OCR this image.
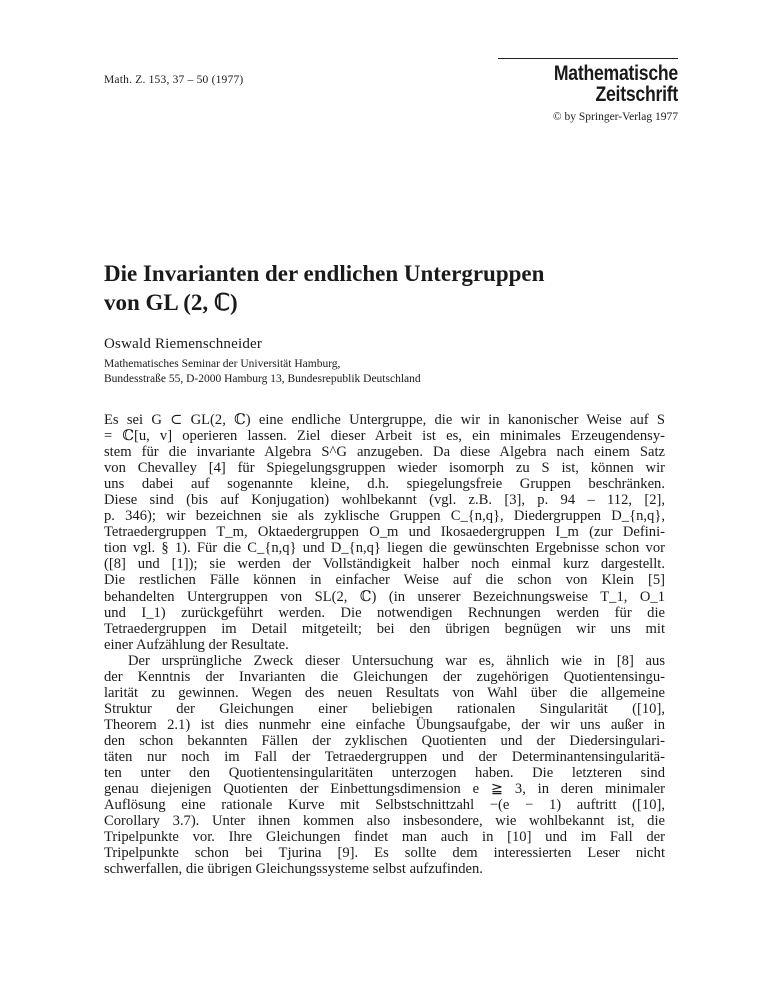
Math. Z. 153, 37 – 50 (1977)	Mathematische
Zeitschrift
© by Springer-Verlag 1977
Die Invarianten der endlichen Untergruppen
von GL (2, ℂ)
Oswald Riemenschneider
Mathematisches Seminar der Universität Hamburg,
Bundesstraße 55, D-2000 Hamburg 13, Bundesrepublik Deutschland
Es sei G ⊂ GL(2, ℂ) eine endliche Untergruppe, die wir in kanonischer Weise auf S
= ℂ[u, v] operieren lassen. Ziel dieser Arbeit ist es, ein minimales Erzeugendensy-
stem für die invariante Algebra S^G anzugeben. Da diese Algebra nach einem Satz
von Chevalley [4] für Spiegelungsgruppen wieder isomorph zu S ist, können wir
uns dabei auf sogenannte kleine, d.h. spiegelungsfreie Gruppen beschränken.
Diese sind (bis auf Konjugation) wohlbekannt (vgl. z.B. [3], p. 94 – 112, [2],
p. 346); wir bezeichnen sie als zyklische Gruppen C_{n,q}, Diedergruppen D_{n,q},
Tetraedergruppen T_m, Oktaedergruppen O_m und Ikosaedergruppen I_m (zur Defini-
tion vgl. § 1). Für die C_{n,q} und D_{n,q} liegen die gewünschten Ergebnisse schon vor
([8] und [1]); sie werden der Vollständigkeit halber noch einmal kurz dargestellt.
Die restlichen Fälle können in einfacher Weise auf die schon von Klein [5]
behandelten Untergruppen von SL(2, ℂ) (in unserer Bezeichnungsweise T_1, O_1
und I_1) zurückgeführt werden. Die notwendigen Rechnungen werden für die
Tetraedergruppen im Detail mitgeteilt; bei den übrigen begnügen wir uns mit
einer Aufzählung der Resultate.
Der ursprüngliche Zweck dieser Untersuchung war es, ähnlich wie in [8] aus
der Kenntnis der Invarianten die Gleichungen der zugehörigen Quotientensingu-
larität zu gewinnen. Wegen des neuen Resultats von Wahl über die allgemeine
Struktur der Gleichungen einer beliebigen rationalen Singularität ([10],
Theorem 2.1) ist dies nunmehr eine einfache Übungsaufgabe, der wir uns außer in
den schon bekannten Fällen der zyklischen Quotienten und der Diedersingulari-
täten nur noch im Fall der Tetraedergruppen und der Determinantensingularitä-
ten unter den Quotientensingularitäten unterzogen haben. Die letzteren sind
genau diejenigen Quotienten der Einbettungsdimension e ≧ 3, in deren minimaler
Auflösung eine rationale Kurve mit Selbstschnittzahl −(e − 1) auftritt ([10],
Corollary 3.7). Unter ihnen kommen also insbesondere, wie wohlbekannt ist, die
Tripelpunkte vor. Ihre Gleichungen findet man auch in [10] und im Fall der
Tripelpunkte schon bei Tjurina [9]. Es sollte dem interessierten Leser nicht
schwerfallen, die übrigen Gleichungssysteme selbst aufzufinden.
